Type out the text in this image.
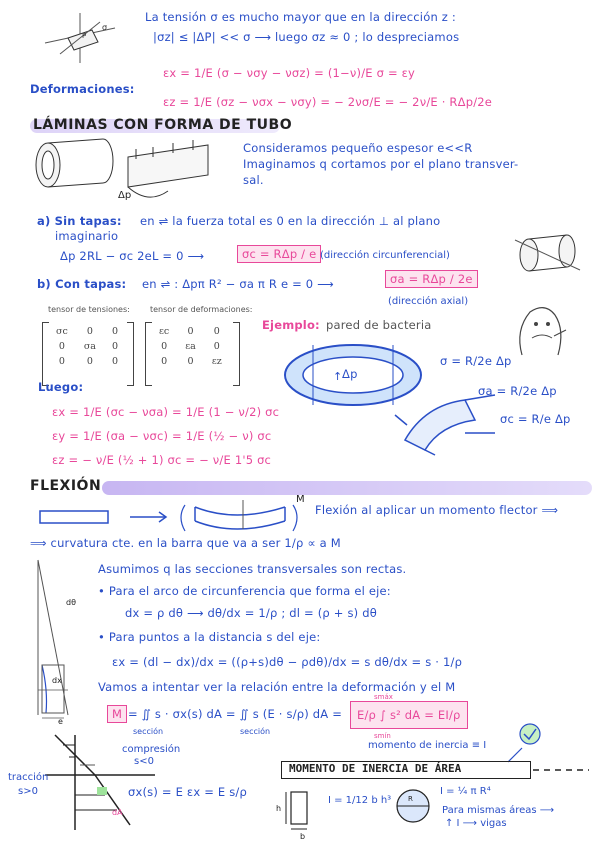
σ
P
La tensión σ es mucho mayor que en la dirección z :
|σz| ≤ |ΔP| << σ ⟶ luego σz ≈ 0 ; lo despreciamos
Deformaciones:
εx = 1/E (σ − νσy − νσz) = (1−ν)/E σ = εy
εz = 1/E (σz − νσx − νσy) = − 2νσ/E = − 2ν/E · RΔp/2e
LÁMINAS CON FORMA DE TUBO
Δp
Consideramos pequeño espesor e<<R
Imaginamos q cortamos por el plano transver-
sal.
a) Sin tapas: en ⇌ la fuerza total es 0 en la dirección ⊥ al plano
imaginario
Δp 2RL − σc 2eL = 0 ⟶	σc = RΔp / e (dirección circunferencial)
b) Con tapas: en ⇌ : Δpπ R² − σa π R e = 0 ⟶	σa = RΔp / 2e
(dirección axial)
tensor de tensiones:	tensor de deformaciones:
σc	0	0
0	σa	0
0	0	0
εc	0	0
0	εa	0
0	0	εz
Ejemplo: pared de bacteria
↑ Δp
σ = R/2e Δp
σa = R/2e Δp
σc = R/e Δp
Luego:
εx = 1/E (σc − νσa) = 1/E (1 − ν/2) σc
εy = 1/E (σa − νσc) = 1/E (½ − ν) σc
εz = − ν/E (½ + 1) σc = − ν/E 1'5 σc
FLEXIÓN
M
Flexión al aplicar un momento flector ⟹
⟹ curvatura cte. en la barra que va a ser 1/ρ ∝ a M
Asumimos q las secciones transversales son rectas.
• Para el arco de circunferencia que forma el eje:
dx = ρ dθ ⟶ dθ/dx = 1/ρ ; dl = (ρ + s) dθ
• Para puntos a la distancia s del eje:
εx = (dl − dx)/dx = ((ρ+s)dθ − ρdθ)/dx = s dθ/dx = s · 1/ρ
Vamos a intentar ver la relación entre la deformación y el M
dθ
dx
e
M = ∬ s · σx(s) dA = ∬ s (E · s/ρ) dA =
sección	sección
E/ρ ∫ s² dA = EI/ρ
smáx
smín
momento de inercia ≡ I
compresión
s<0
tracción
s>0
dA
σx(s) = E εx = E s/ρ
MOMENTO DE INERCIA DE ÁREA
h
b
I = 1/12 b h³ R
I = ¼ π R⁴
Para mismas áreas ⟶
↑ I ⟶ vigas
